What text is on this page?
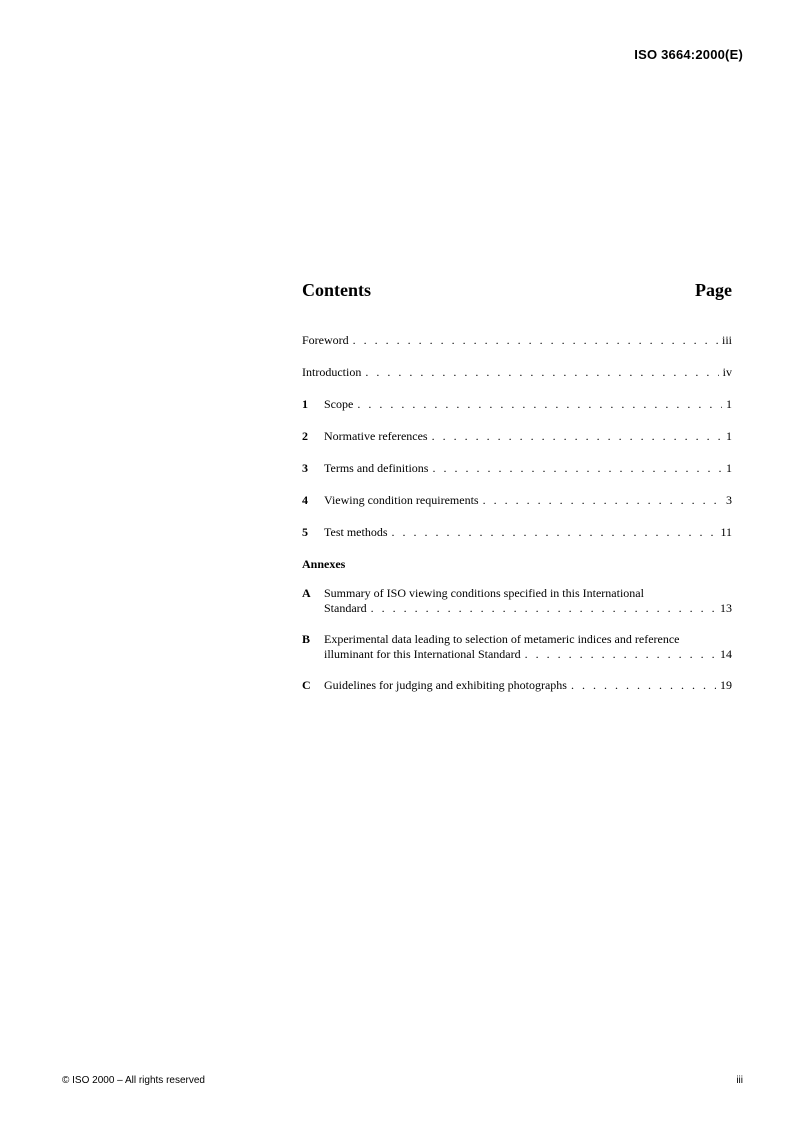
ISO 3664:2000(E)
Contents	Page
Foreword . . .	iii
Introduction . . .	iv
1	Scope . . .	1
2	Normative references . . .	1
3	Terms and definitions . . .	1
4	Viewing condition requirements . . .	3
5	Test methods . . .	11
Annexes
A	Summary of ISO viewing conditions specified in this International
Standard . . .	13
B	Experimental data leading to selection of metameric indices and reference
illuminant for this International Standard . . .	14
C	Guidelines for judging and exhibiting photographs . . .	19
© ISO 2000 – All rights reserved	iii
